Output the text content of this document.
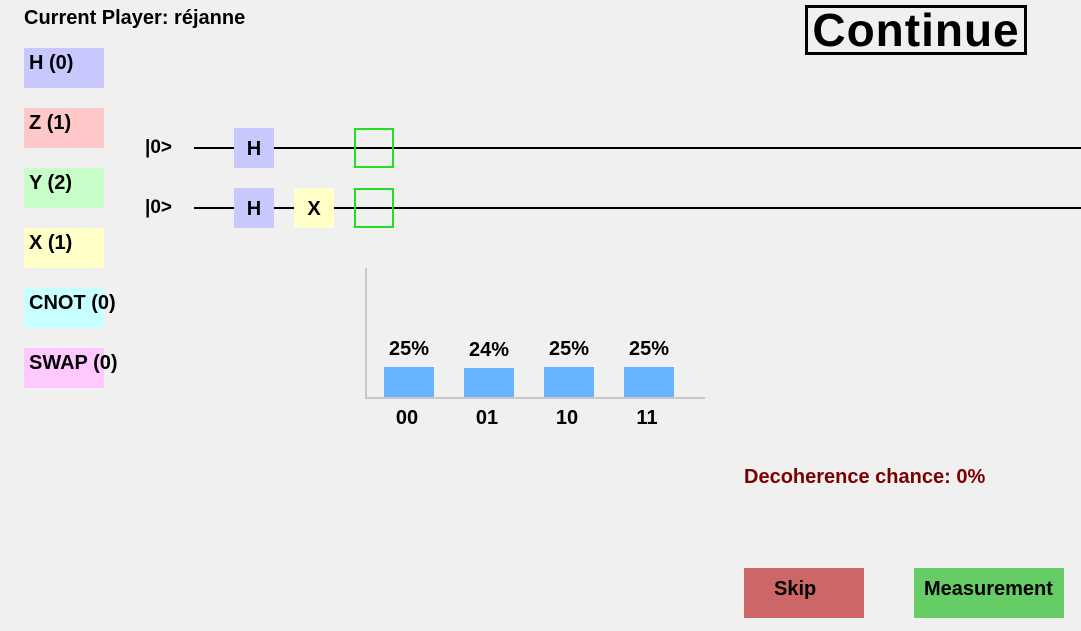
Current Player: réjanne	Continue
H (0)
Z (1)
Y (2)
X (1)
CNOT (0)
SWAP (0)
|0>	H
|0>	H	X
25%
00
24%
01
25%
10
25%
11
Decoherence chance: 0%
Skip	Measurement
